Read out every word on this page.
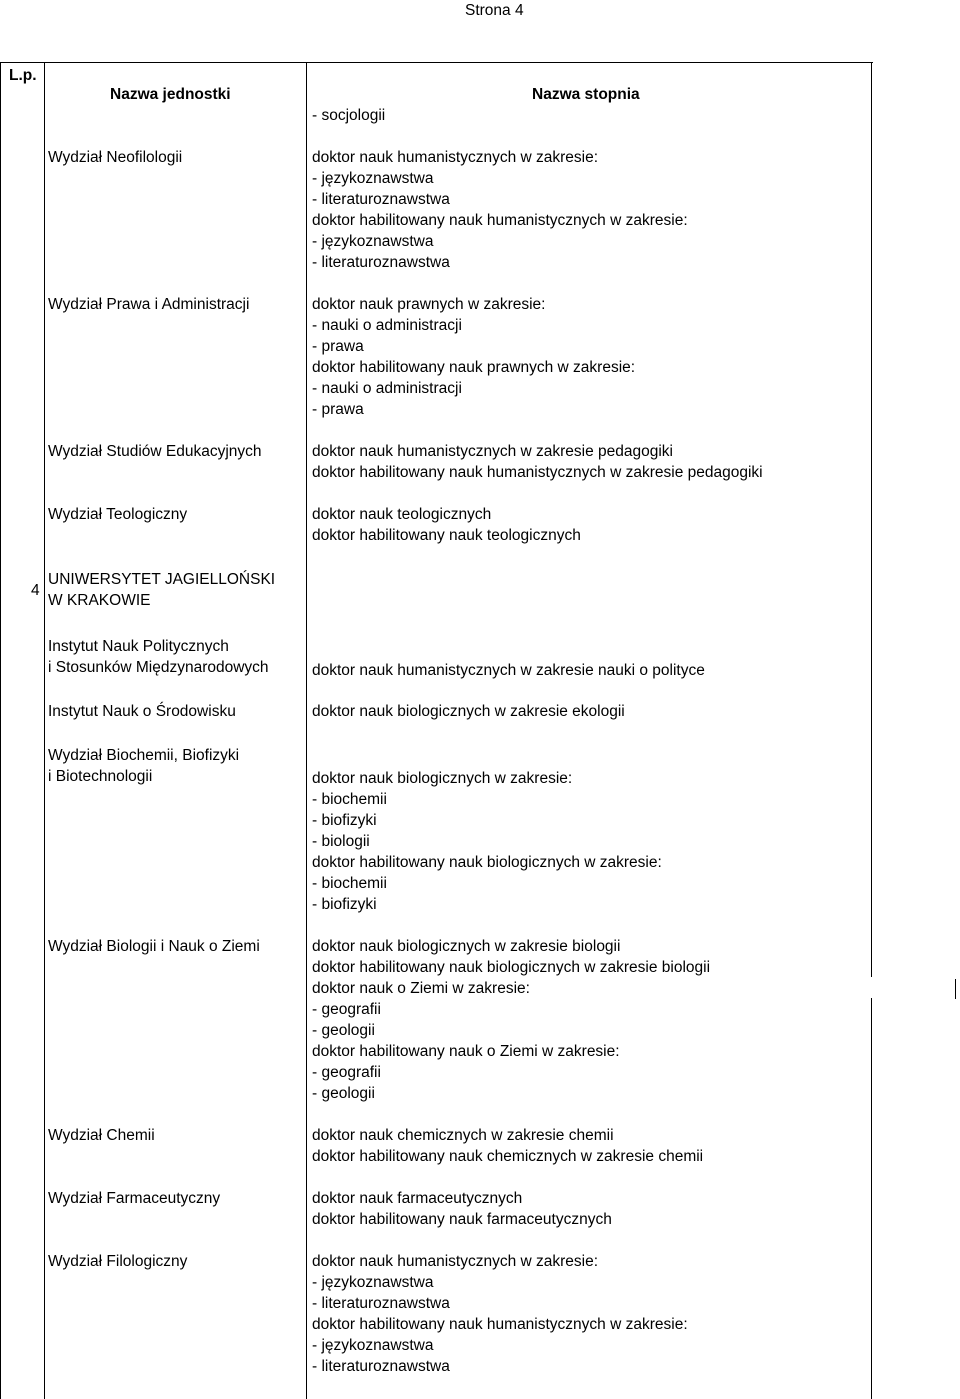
Strona 4
L.p.
Nazwa jednostki	Nazwa stopnia
- socjologii
Wydział Neofilologii	doktor nauk humanistycznych w zakresie:
- językoznawstwa
- literaturoznawstwa
doktor habilitowany nauk humanistycznych w zakresie:
- językoznawstwa
- literaturoznawstwa
Wydział Prawa i Administracji	doktor nauk prawnych w zakresie:
- nauki o administracji
- prawa
doktor habilitowany nauk prawnych w zakresie:
- nauki o administracji
- prawa
Wydział Studiów Edukacyjnych	doktor nauk humanistycznych w zakresie pedagogiki
doktor habilitowany nauk humanistycznych w zakresie pedagogiki
Wydział Teologiczny	doktor nauk teologicznych
doktor habilitowany nauk teologicznych
4
UNIWERSYTET JAGIELLOŃSKI
W KRAKOWIE
Instytut Nauk Politycznych
i Stosunków Międzynarodowych	doktor nauk humanistycznych w zakresie nauki o polityce
Instytut Nauk o Środowisku	doktor nauk biologicznych w zakresie ekologii
Wydział Biochemii, Biofizyki
i Biotechnologii	doktor nauk biologicznych w zakresie:
- biochemii
- biofizyki
- biologii
doktor habilitowany nauk biologicznych w zakresie:
- biochemii
- biofizyki
Wydział Biologii i Nauk o Ziemi	doktor nauk biologicznych w zakresie biologii
doktor habilitowany nauk biologicznych w zakresie biologii
doktor nauk o Ziemi w zakresie:
- geografii
- geologii
doktor habilitowany nauk o Ziemi w zakresie:
- geografii
- geologii
Wydział Chemii	doktor nauk chemicznych w zakresie chemii
doktor habilitowany nauk chemicznych w zakresie chemii
Wydział Farmaceutyczny	doktor nauk farmaceutycznych
doktor habilitowany nauk farmaceutycznych
Wydział Filologiczny	doktor nauk humanistycznych w zakresie:
- językoznawstwa
- literaturoznawstwa
doktor habilitowany nauk humanistycznych w zakresie:
- językoznawstwa
- literaturoznawstwa
